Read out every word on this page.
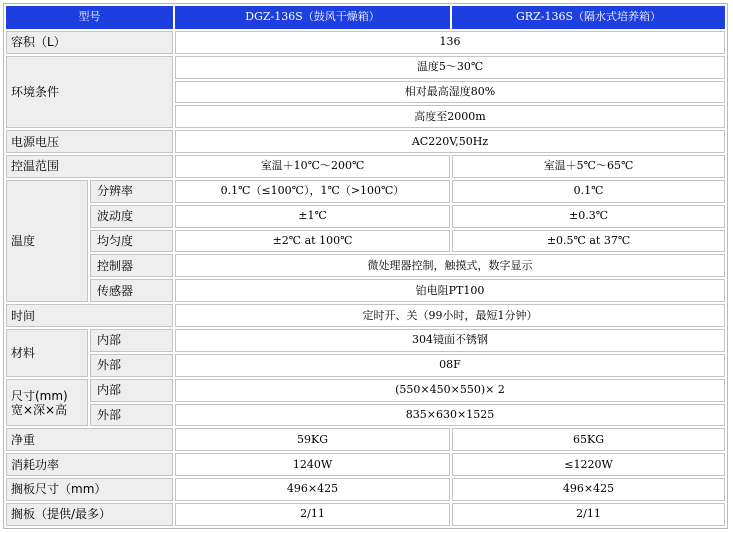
型号		DGZ-136S（鼓风干燥箱）	GRZ-136S（隔水式培养箱）
容积（L）		136	
环境条件		温度5～30℃	
		相对最高湿度80%	
		高度至2000m	
电源电压		AC220V,50Hz	
控温范围		室温＋10℃～200℃	室温＋5℃～65℃
温度	分辨率	0.1℃（≤100℃），1℃（>100℃）	0.1℃
	波动度	±1℃	±0.3℃
	均匀度	±2℃ at 100℃	±0.5℃ at 37℃
	控制器	微处理器控制，触摸式，数字显示	
	传感器	铂电阻PT100	
时间		定时开、关（99小时，最短1分钟）	
材料	内部	304镜面不锈钢	
	外部	08F	

尺寸(mm)
宽×深×高	内部	(550×450×550)× 2	
	外部	835×630×1525	
净重		59KG	65KG
消耗功率		1240W	≤1220W
搁板尺寸（mm）		496×425	496×425
搁板（提供/最多）		2/11	2/11
